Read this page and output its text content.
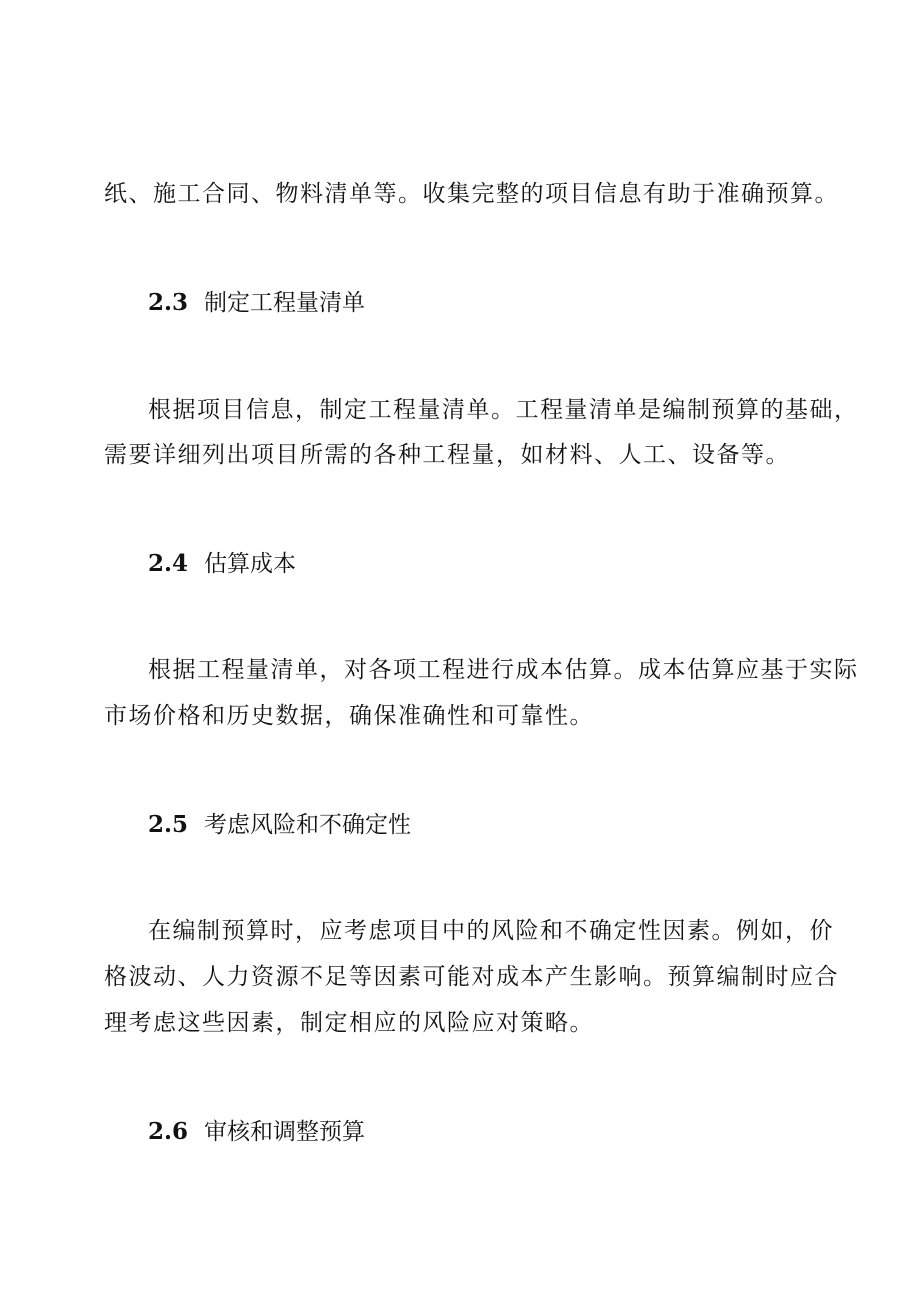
纸、施工合同、物料清单等。收集完整的项目信息有助于准确预算。
2.3 制定工程量清单
根据项目信息，制定工程量清单。工程量清单是编制预算的基础，
需要详细列出项目所需的各种工程量，如材料、人工、设备等。
2.4 估算成本
根据工程量清单，对各项工程进行成本估算。成本估算应基于实际
市场价格和历史数据，确保准确性和可靠性。
2.5 考虑风险和不确定性
在编制预算时，应考虑项目中的风险和不确定性因素。例如，价
格波动、人力资源不足等因素可能对成本产生影响。预算编制时应合
理考虑这些因素，制定相应的风险应对策略。
2.6 审核和调整预算
